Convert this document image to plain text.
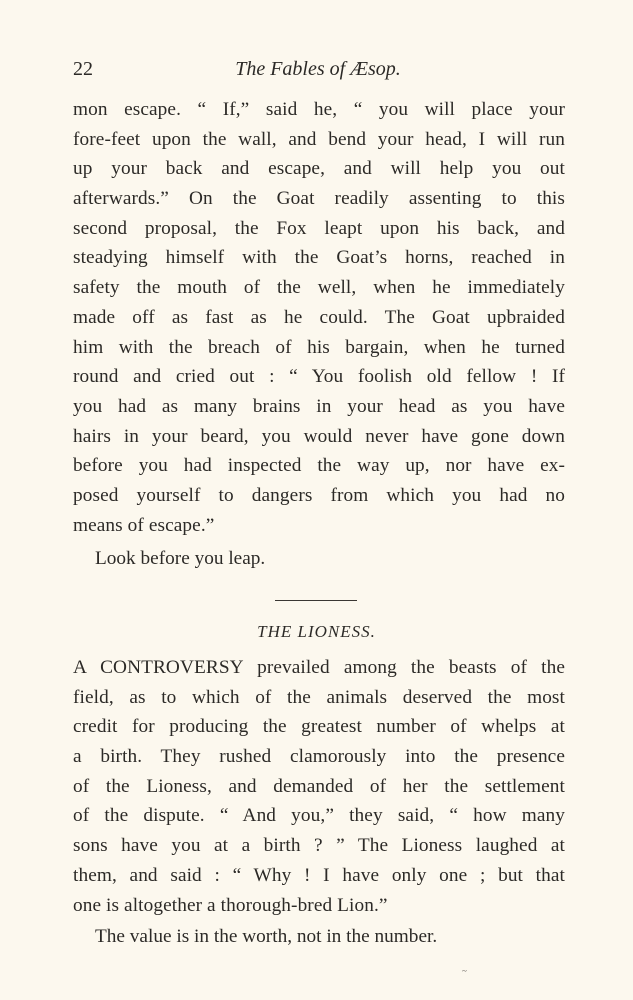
22	The Fables of Æsop.
mon escape. “ If,” said he, “ you will place your
fore-feet upon the wall, and bend your head, I will run
up your back and escape, and will help you out
afterwards.” On the Goat readily assenting to this
second proposal, the Fox leapt upon his back, and
steadying himself with the Goat’s horns, reached in
safety the mouth of the well, when he immediately
made off as fast as he could. The Goat upbraided
him with the breach of his bargain, when he turned
round and cried out : “ You foolish old fellow ! If
you had as many brains in your head as you have
hairs in your beard, you would never have gone down
before you had inspected the way up, nor have ex-
posed yourself to dangers from which you had no
means of escape.”
Look before you leap.
THE LIONESS.
A CONTROVERSY prevailed among the beasts of the
field, as to which of the animals deserved the most
credit for producing the greatest number of whelps at
a birth. They rushed clamorously into the presence
of the Lioness, and demanded of her the settlement
of the dispute. “ And you,” they said, “ how many
sons have you at a birth ? ” The Lioness laughed at
them, and said : “ Why ! I have only one ; but that
one is altogether a thorough-bred Lion.”
The value is in the worth, not in the number.
~
